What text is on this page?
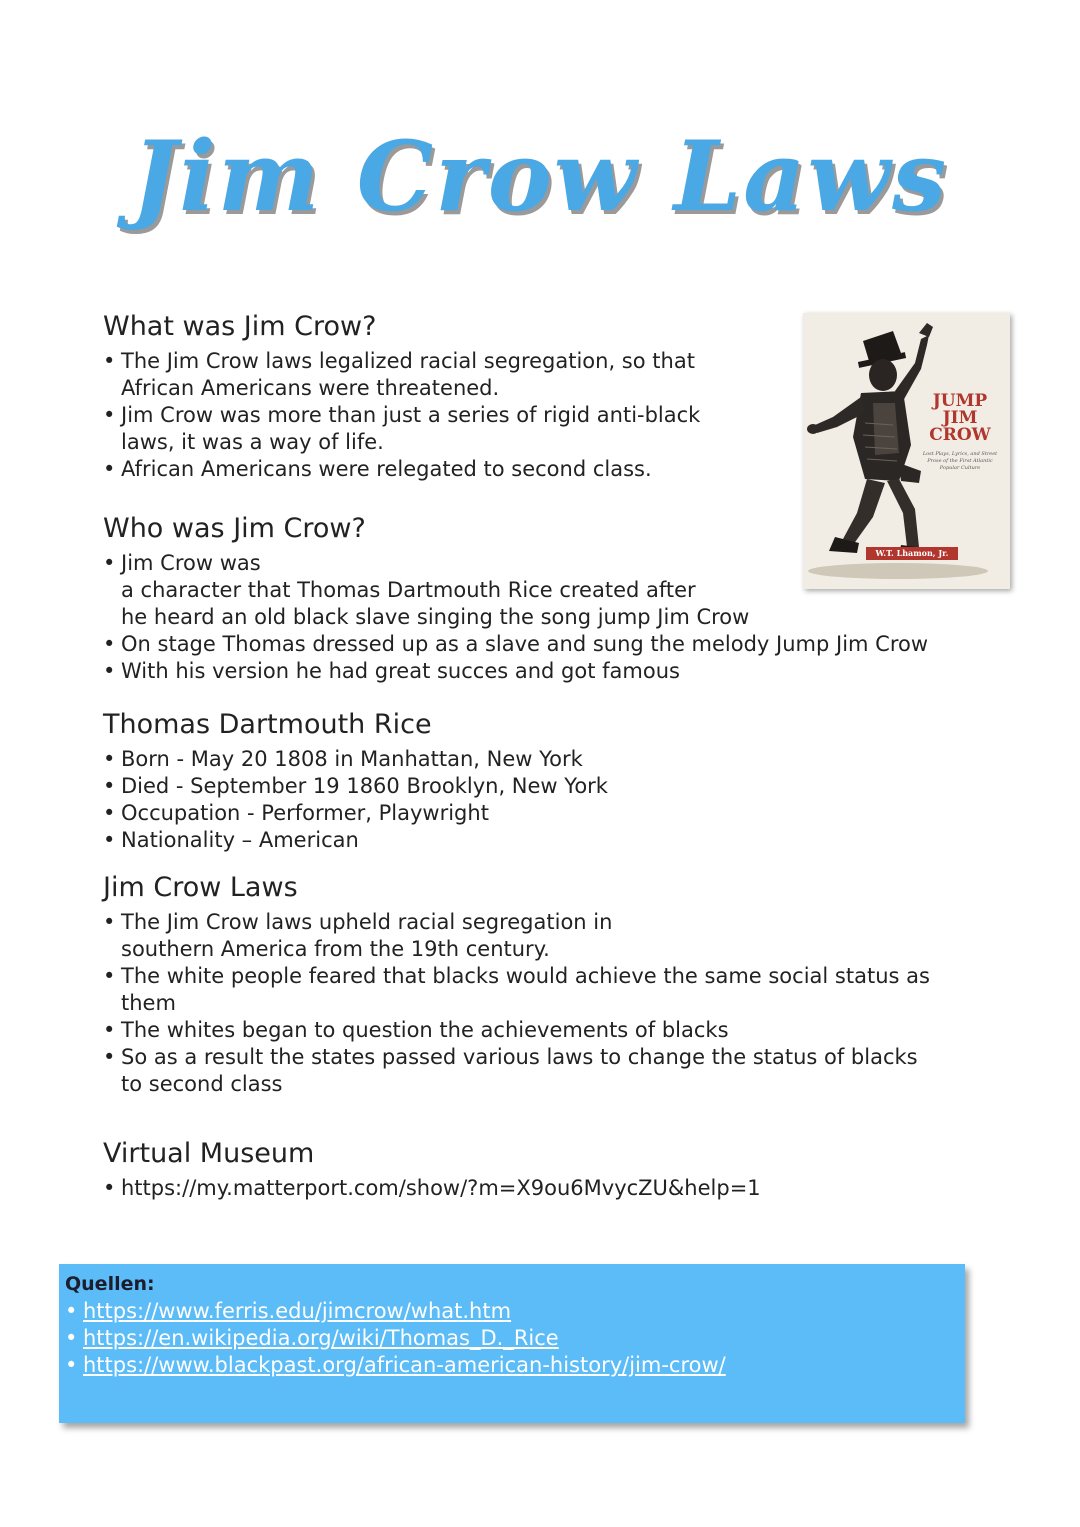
Jim Crow Laws
What was Jim Crow?
• The Jim Crow laws legalized racial segregation, so that
African Americans were threatened.
• Jim Crow was more than just a series of rigid anti-black
laws, it was a way of life.
• African Americans were relegated to second class.
JUMP
JIM
CROW
Lost Plays, Lyrics, and Street Prose of the First Atlantic Popular Culture
W.T. Lhamon, Jr.
Who was Jim Crow?
• Jim Crow was
a character that Thomas Dartmouth Rice created after
he heard an old black slave singing the song jump Jim Crow
• On stage Thomas dressed up as a slave and sung the melody Jump Jim Crow
• With his version he had great succes and got famous
Thomas Dartmouth Rice
• Born - May 20 1808 in Manhattan, New York
• Died - September 19 1860 Brooklyn, New York
• Occupation - Performer, Playwright
• Nationality – American
Jim Crow Laws
• The Jim Crow laws upheld racial segregation in
southern America from the 19th century.
• The white people feared that blacks would achieve the same social status as
them
• The whites began to question the achievements of blacks
• So as a result the states passed various laws to change the status of blacks
to second class
Virtual Museum
• https://my.matterport.com/show/?m=X9ou6MvycZU&help=1
Quellen:
• https://www.ferris.edu/jimcrow/what.htm
• https://en.wikipedia.org/wiki/Thomas_D._Rice
• https://www.blackpast.org/african-american-history/jim-crow/
